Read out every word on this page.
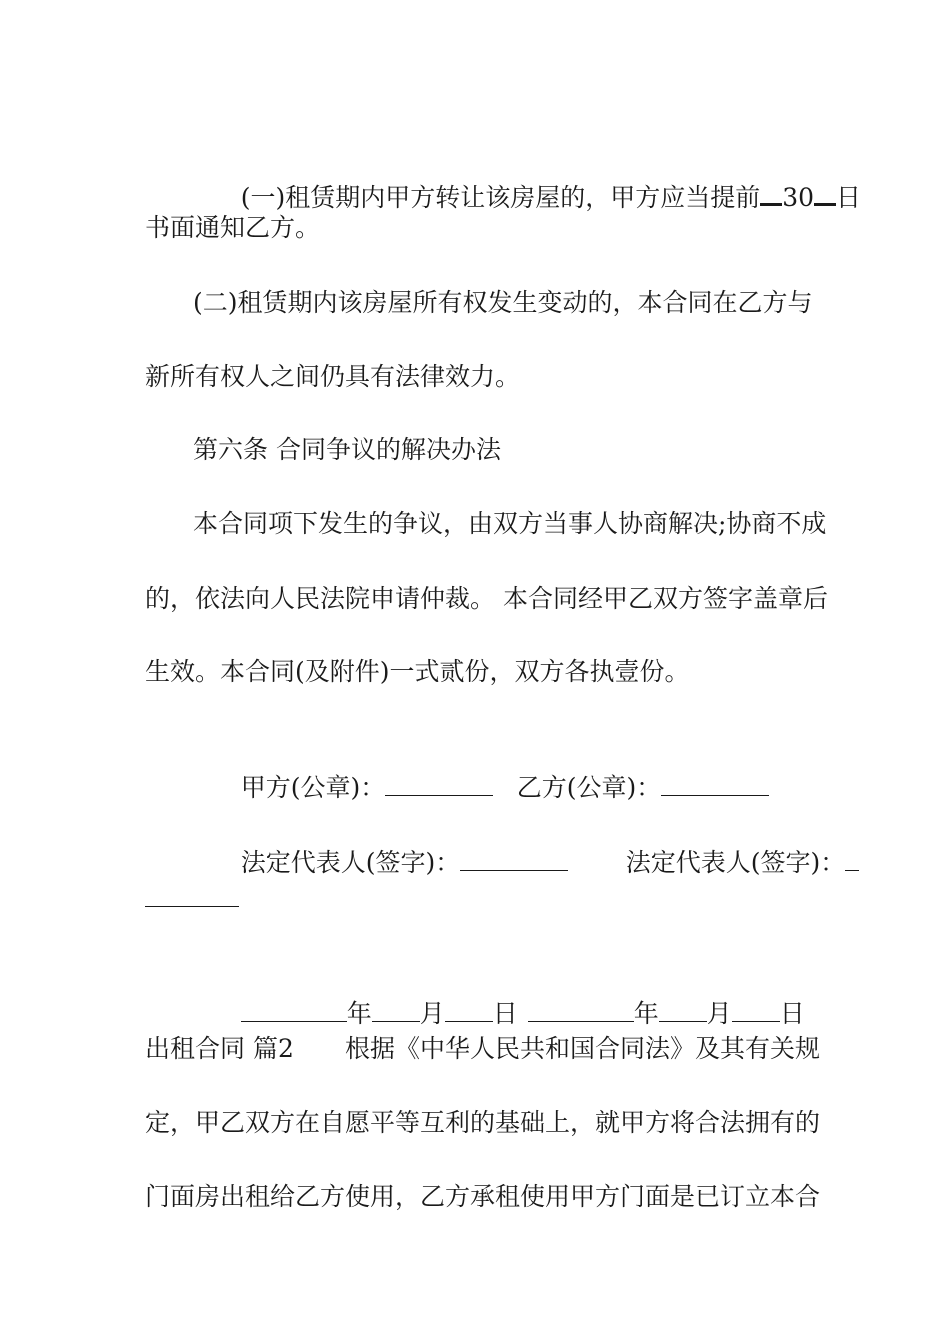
(一)租赁期内甲方转让该房屋的，甲方应当提前 30 日

书面通知乙方。

(二)租赁期内该房屋所有权发生变动的，本合同在乙方与

新所有权人之间仍具有法律效力。

第六条 合同争议的解决办法

本合同项下发生的争议，由双方当事人协商解决;协商不成

的，依法向人民法院申请仲裁。 本合同经甲乙双方签字盖章后

生效。本合同(及附件)一式贰份，双方各执壹份。

甲方(公章)：

	乙方(公章)：

法定代表人(签字)：

	法定代表人(签字)：

年 月 日

	年 月 日

出租合同 篇2

根据《中华人民共和国合同法》及其有关规

定，甲乙双方在自愿平等互利的基础上，就甲方将合法拥有的

门面房出租给乙方使用，乙方承租使用甲方门面是已订立本合
